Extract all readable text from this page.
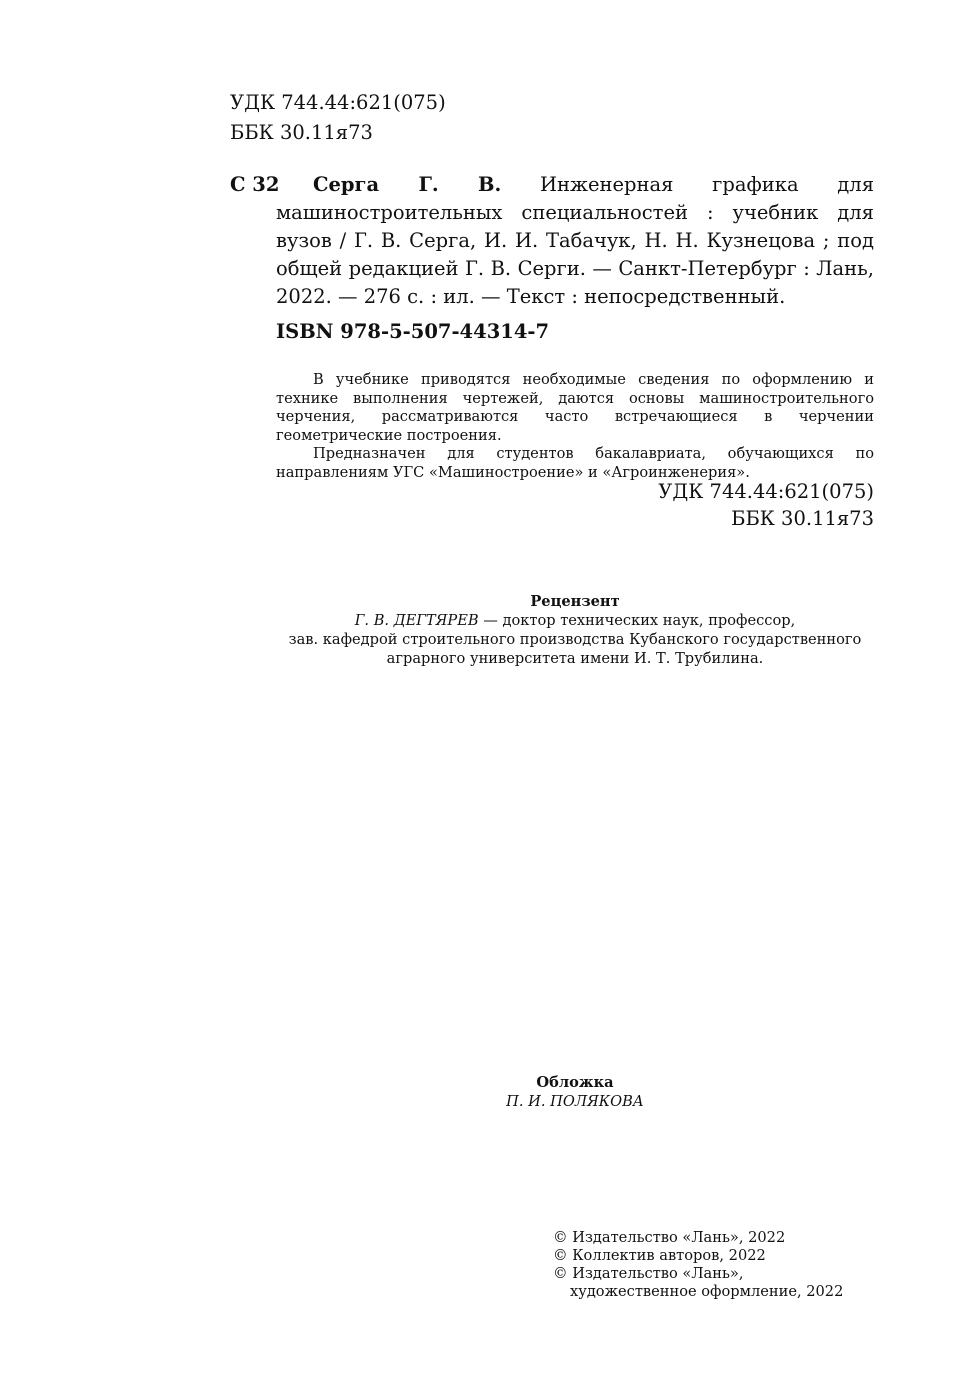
УДК 744.44:621(075)
ББК 30.11я73
С 32	Серга Г. В. Инженерная графика для машиностроительных специальностей : учебник для вузов / Г. В. Серга, И. И. Табачук, Н. Н. Кузнецова ; под общей редакцией Г. В. Серги. — Санкт-Петербург : Лань, 2022. — 276 с. : ил. — Текст : непосредственный.
ISBN 978-5-507-44314-7

В учебнике приводятся необходимые сведения по оформлению и технике выполнения чертежей, даются основы машиностроительного черчения, рассматриваются часто встречающиеся в черчении геометрические построения.

Предназначен для студентов бакалавриата, обучающихся по направлениям УГС «Машиностроение» и «Агроинженерия».

УДК 744.44:621(075)
ББК 30.11я73
Рецензент
Г. В. ДЕГТЯРЕВ — доктор технических наук, профессор,
зав. кафедрой строительного производства Кубанского государственного
аграрного университета имени И. Т. Трубилина.
Обложка
П. И. ПОЛЯКОВА
© Издательство «Лань», 2022
© Коллектив авторов, 2022
© Издательство «Лань»,
художественное оформление, 2022
